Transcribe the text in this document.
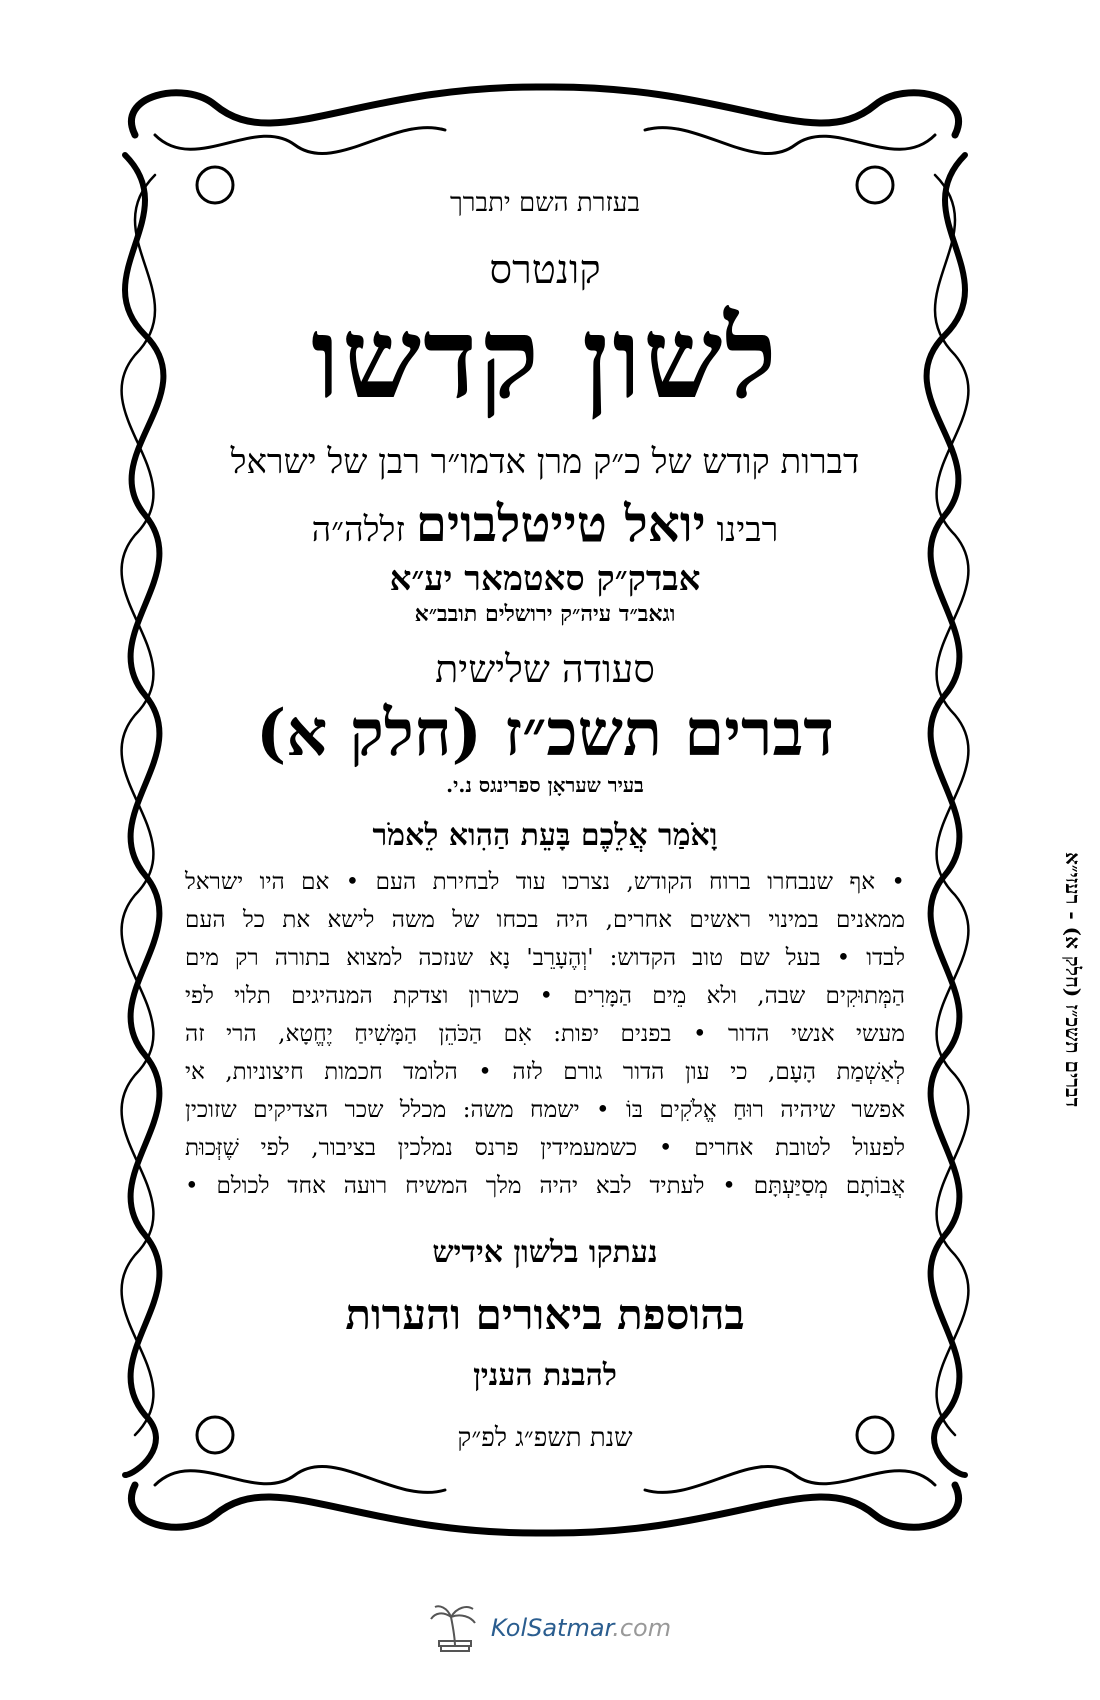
בעזרת השם יתברך
קונטרס
לשון קדשו
דברות קודש של כ״ק מרן אדמו״ר רבן של ישראל
רבינו יואל טייטלבוים זללה״ה
אבדק״ק סאטמאר יע״א
וגאב״ד עיה״ק ירושלים תובב״א
סעודה שלישית
דברים תשכ״ז (חלק א)
בעיר שעראָן ספרינגס נ.י.
וָאֹמַר אֲלֵכֶם בָּעֵת הַהִוא לֵאמֹר
• אף שנבחרו ברוח הקודש, נצרכו עוד לבחירת העם • אם היו ישראל
ממאנים במינוי ראשים אחרים, היה בכחו של משה לישא את כל העם
לבדו • בעל שם טוב הקדוש: 'וְהֶעָרֵב' נָא שנזכה למצוא בתורה רק מים
הַמְּתוּקִים שבה, ולא מֵים הַמָּרִים • כשרון וצדקת המנהיגים תלוי לפי
מעשי אנשי הדור • בפנים יפות: אִם הַכֹּהֵן הַמָּשִׁיחַ יֶחֱטָא, הרי זה
לְאַשְׁמַת הָעָם, כי עון הדור גורם לזה • הלומד חכמות חיצוניות, אי
אפשר שיהיה רוּחַ אֱלֹקִים בּוֹ • ישמח משה: מכלל שכר הצדיקים שזוכין
לפעול לטובת אחרים • כשמעמידין פרנס נמלכין בציבור, לפי שֶׁזְּכוּת
אֲבוֹתָם מְסַיַּעְתָּם • לעתיד לבא יהיה מלך המשיח רועה אחד לכולם •
נעתקו בלשון אידיש
בהוספת ביאורים והערות
להבנת הענין
שנת תשפ״ג לפ״ק
דברים תשכ״ז (חלק א) - רעזי״א
KolSatmar.com
